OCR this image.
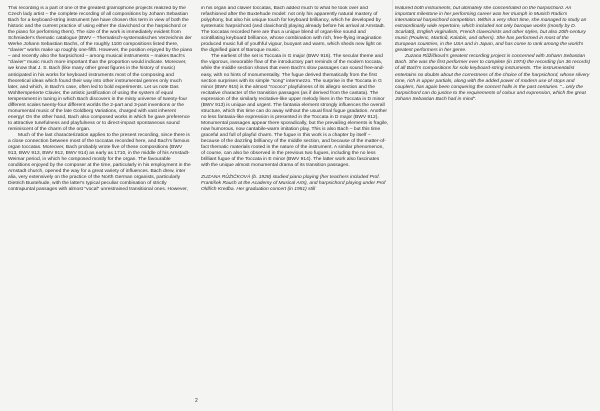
This recording is a part of one of the greatest gramophone projects realized by the Czech lady artist – the complete recording of all compositions by Johann Sebastian Bach for a keyboard-string instrument (we have chosen this term in view of both the historic and the current practice of using either the clavichord or the harpsichord or the piano for performing them). The size of the work is immediately evident from Schmieder's thematic catalogue (BWV – Thematisch-systematisches Verzeichnis der Werke Johann Sebastian Bachs, of the roughly 1100 compositions listed there, "clavier" works make up roughly one-fifth. However, the position enjoyed by the piano – and recently also the harpsichord – among musical instruments – makes Bach's "clavier" music much more important than the proportion would indicate. Moreover, we know that J. S. Bach (like many other great figures in the history of music) anticipated in his works for keyboard instruments most of the composing and theoretical ideas which found their way into other instrumental genres only much later, and which, in Bach's case, often led to bold experiments. Let us note Das Wohltemperierte Clavier, the artistic justification of using the system of equal temperament in tuning in which Bach discovers in the misty universe of twenty-four different scales twenty-four different worlds the 2-part and 3-part inventions or the monumental music of the late Goldberg Variations, charged with vast inherent energy! On the other hand, Bach also composed works in which he gave preference to attractive tunefulness and playfulness or to direct-impact spontaneous sound reminiscent of the charm of the organ.

Much of the last characterization applies to the present recording, since there is a close connection between most of the toccatas recorded here, and Bach's famous organ toccatas. Moreover, Bach probably wrote five of these compositions (BWV 913, BWV 913, BWV 912, BWV 914) as early as 1710, in the middle of his Arnstadt-Weimar period, in which he composed mostly for the organ. The favourable conditions enjoyed by the composer at the time, particularly in his employment in the Arnstadt church, opened the way for a great variety of influences. Bach drew, inter alia, very extensively on the practice of the North German organists, particularly Dietrich Buxtehude, with the latter's typical peculiar combination of strictly contrapuntal passages with almost "vocal" unrestrained transitional ones. However,

in his organ and clavier toccatas, Bach added much to what he took over and refashioned after the Buxtehude model: not only his apparently natural mastery of polyphony, but also his unique touch for keyboard brilliancy, which he developed by systematic harpsichord (and clavichord) playing already before his arrival at Arnstadt. The toccatas recorded here are thus a unique blend of organ-like sound and scintillating keyboard brilliance, whose combination with rich, free-flying imagination produced music full of youthful vigour, buoyant and warm, which sheds new light on the dignified giant of Baroque music.

The earliest of the set is Toccata in G major (BWV 916). The secular theme and the vigorous, inexorable flow of the introductory part reminds of the modern toccata, while the middle section shows that even Bach's slow passages can sound free-and-easy, with no hints of monumentality. The fugue derived thematically from the first section surprises with its simple "song" intermezzo. The surprise in the Toccata in G minor (BWV 915) is the almost "rococo" playfulness of its allegro section and the recitative character of the transition passages (as if derived from the cantata). The expression of the similarly recitative-like upper melody lines in the Toccata in D minor (BWV 913) is unique and urgent. The fantasia element strongly influences the overall structure, which this time can do away without the usual final fugue gradation. Another no less fantasia-like expression is presented in the Toccata in D major (BWV 912). Monumental passages appear there sporadically, but the prevailing elements is fragile, now humorous, now cantabile-warm imitation play. This is also Bach – but this time graceful and full of playful charm. The fugue in this work is a chapter by itself – because of the dazzling brilliancy of the middle section, and because of the matter-of-fact thematic materials rooted in the nature of the instrument. A similar phenomenon, of course, can also be observed in the previous two fugues, including the no less brilliant fugue of the Toccata in E minor (BWV 914). The latter work also fascinates with the unique almost monumental drama of its transition passages.

ZUZANA RŮŽIČKOVÁ (b. 1928) studied piano playing (her teachers included Prof. František Rauch at the Academy of Musical Arts), and harpsichord playing under Prof Oldřich Kredba. Her graduation concert (in 1951) still

featured both instruments, but ultimately she concentrated on the harpsichord. An important milestone in her performing career was her triumph in Munich Radio's international harpsichord competition. Within a very short time, she managed to study an extraordinarily wide repertoire, which included not only baroque works (mostly by D. Scarlatti), English virginalists, French clavecinists and other styles, but also 20th-century music (Poulenc, Martinů, Kalabis, and others). She has performed in most of the European countries, in the USA and in Japan, and has come to rank among the world's greatest performers in her genre.

Zuzana Růžičková's greatest recording project is concerned with Johann Sebastian Bach. She was the first performer ever to complete (in 1974) the recording (on 36 records) of all Bach's compositions for solo keyboard-string instruments. The instrumentalist entertains no doubts about the correctness of the choice of the harpsichord, whose silvery tone, rich in upper partials, along with the added power of modern use of stops and couplers, has again been conquering the concert halls in the past centuries. "...only the harpsichord can do justice to the requirements of colour and expression, which the great Johann Sebastian Bach had in mind".

2
